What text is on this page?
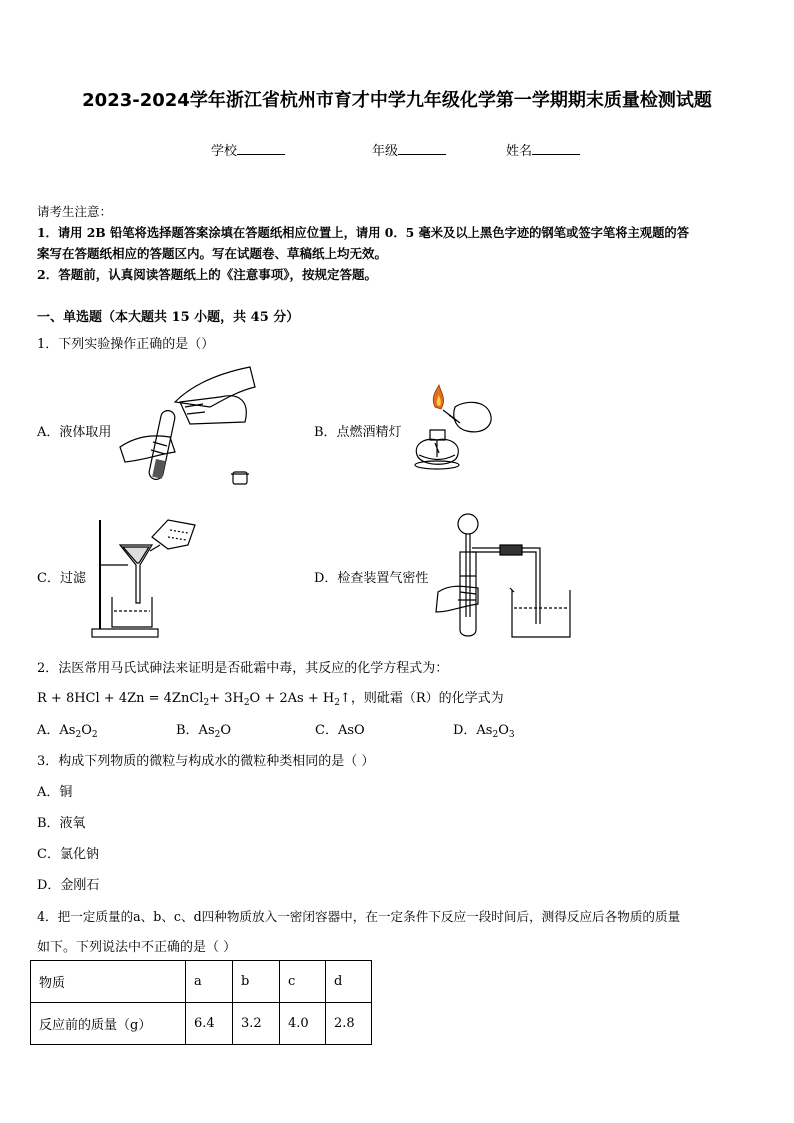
2023-2024学年浙江省杭州市育才中学九年级化学第一学期期末质量检测试题
学校	年级	姓名
请考生注意：
1．请用 2B 铅笔将选择题答案涂填在答题纸相应位置上，请用 0．5 毫米及以上黑色字迹的钢笔或签字笔将主观题的答
案写在答题纸相应的答题区内。写在试题卷、草稿纸上均无效。
2．答题前，认真阅读答题纸上的《注意事项》，按规定答题。
一、单选题（本大题共 15 小题，共 45 分）
1．下列实验操作正确的是（）
A．液体取用	B．点燃酒精灯
C．过滤	D．检查装置气密性
2．法医常用马氏试砷法来证明是否砒霜中毒，其反应的化学方程式为：
R + 8HCl + 4Zn = 4ZnCl$_2$+ $3H_2O + 2As$ + $H_2↑$，则砒霜（R）的化学式为
A．$As_2O_2$	B．$As_2O$	C．AsO	D．$As_2O_3$
3．构成下列物质的微粒与构成水的微粒种类相同的是（ ）
A．铜
B．液氧
C．氯化钠
D．金刚石
4．把一定质量的a、b、c、d四种物质放入一密闭容器中，在一定条件下反应一段时间后，测得反应后各物质的质量
如下。下列说法中不正确的是（ ）
物质	a	b	c	d
反应前的质量（g）	6.4	3.2	4.0	2.8
